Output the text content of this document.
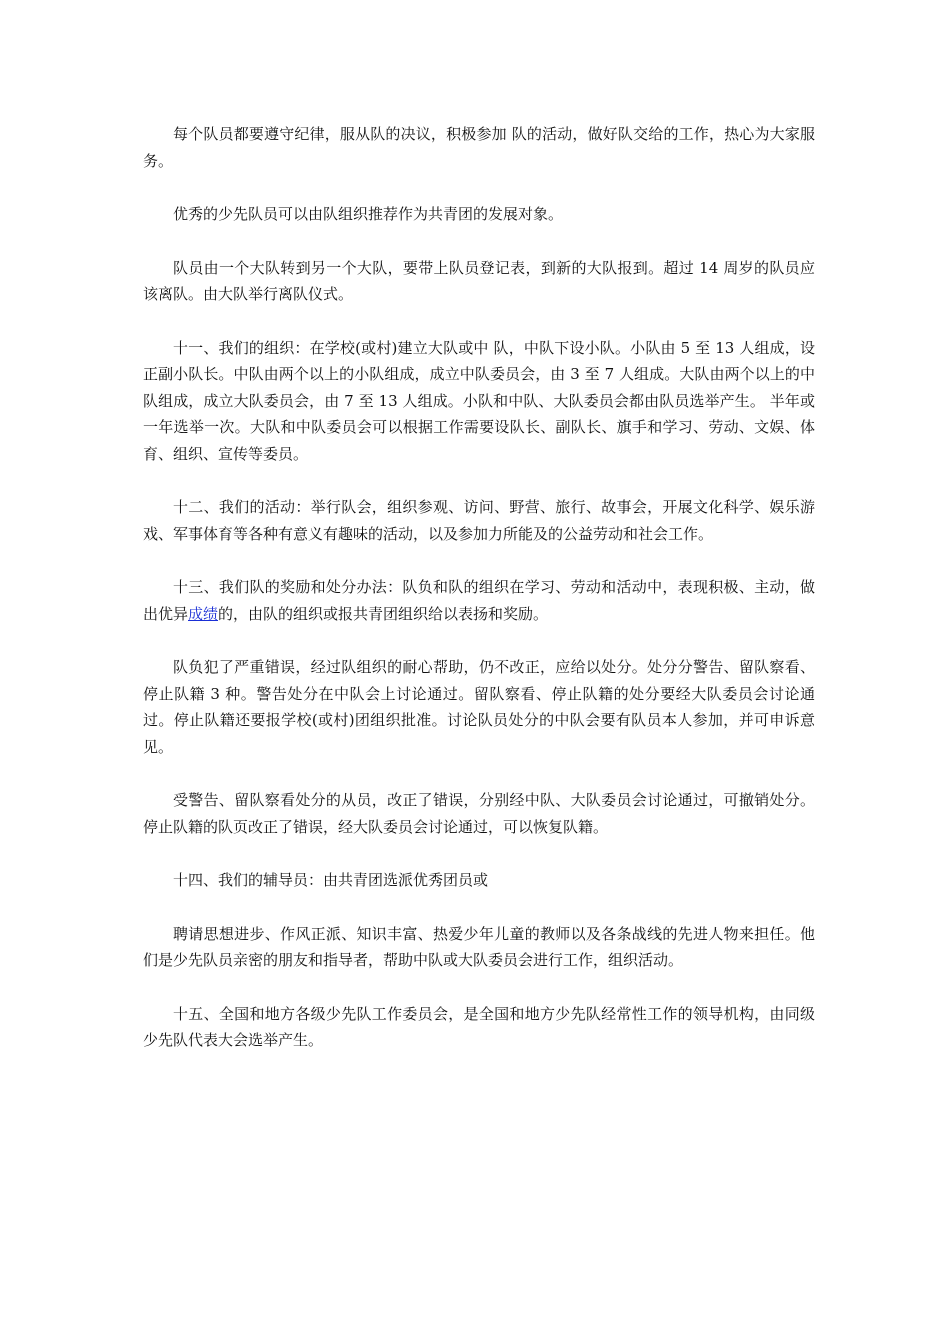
每个队员都要遵守纪律，服从队的决议，积极参加 队的活动，做好队交给的工作，热心为大家服务。

优秀的少先队员可以由队组织推荐作为共青团的发展对象。

队员由一个大队转到另一个大队，要带上队员登记表，到新的大队报到。超过 14 周岁的队员应该离队。由大队举行离队仪式。

十一、我们的组织：在学校(或村)建立大队或中 队，中队下设小队。小队由 5 至 13 人组成，设正副小队长。中队由两个以上的小队组成，成立中队委员会，由 3 至 7 人组成。大队由两个以上的中队组成，成立大队委员会，由 7 至 13 人组成。小队和中队、大队委员会都由队员选举产生。 半年或一年选举一次。大队和中队委员会可以根据工作需要设队长、副队长、旗手和学习、劳动、文娱、体育、组织、宣传等委员。

十二、我们的活动：举行队会，组织参观、访问、野营、旅行、故事会，开展文化科学、娱乐游戏、军事体育等各种有意义有趣味的活动，以及参加力所能及的公益劳动和社会工作。

十三、我们队的奖励和处分办法：队负和队的组织在学习、劳动和活动中，表现积极、主动，做出优异成绩的，由队的组织或报共青团组织给以表扬和奖励。

队负犯了严重错误，经过队组织的耐心帮助，仍不改正，应给以处分。处分分警告、留队察看、停止队籍 3 种。警告处分在中队会上讨论通过。留队察看、停止队籍的处分要经大队委员会讨论通过。停止队籍还要报学校(或村)团组织批准。讨论队员处分的中队会要有队员本人参加，并可申诉意见。

受警告、留队察看处分的从员，改正了错误，分别经中队、大队委员会讨论通过，可撤销处分。停止队籍的队页改正了错误，经大队委员会讨论通过，可以恢复队籍。

十四、我们的辅导员：由共青团选派优秀团员或

聘请思想进步、作风正派、知识丰富、热爱少年儿童的教师以及各条战线的先进人物来担任。他们是少先队员亲密的朋友和指导者，帮助中队或大队委员会进行工作，组织活动。

十五、全国和地方各级少先队工作委员会，是全国和地方少先队经常性工作的领导机构，由同级少先队代表大会选举产生。
